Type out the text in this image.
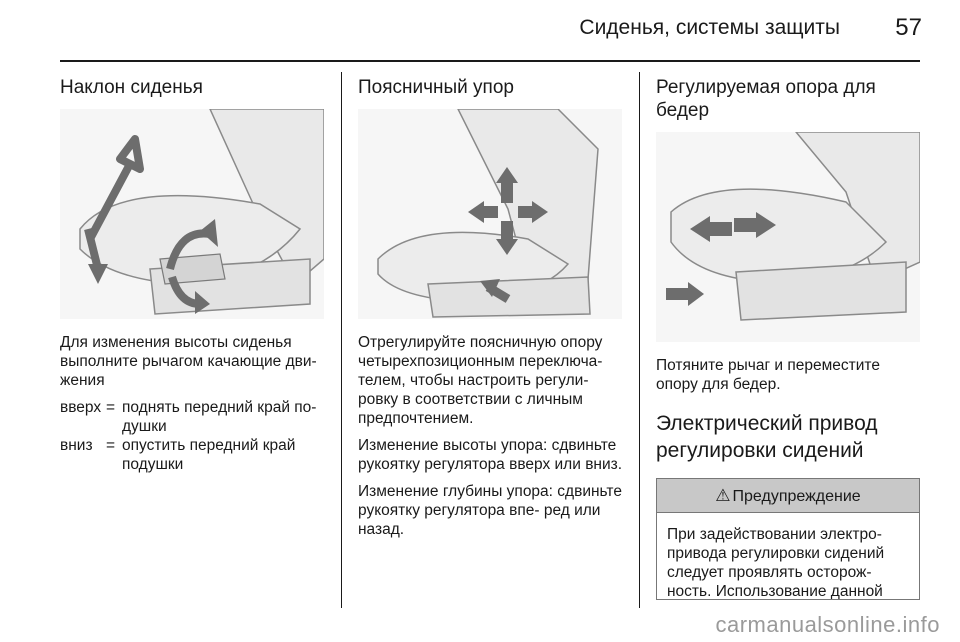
Сиденья, системы защиты 57
Наклон сиденья

Для изменения высоты сиденья выполните рычагом качающие дви- жения

вверх = поднять передний край по- душки
вниз = опустить передний край подушки
Поясничный упор

Отрегулируйте поясничную опору четырехпозиционным переключа- телем, чтобы настроить регули- ровку в соответствии с личным предпочтением.

Изменение высоты упора: сдвиньте рукоятку регулятора вверх или вниз.

Изменение глубины упора: сдвиньте рукоятку регулятора впе- ред или назад.

Регулируемая опора для бедер

Потяните рычаг и переместите опору для бедер.

Электрический привод регулировки сидений
⚠ Предупреждение
При задействовании электро- привода регулировки сидений следует проявлять осторож- ность. Использование данной
carmanualsonline.info
